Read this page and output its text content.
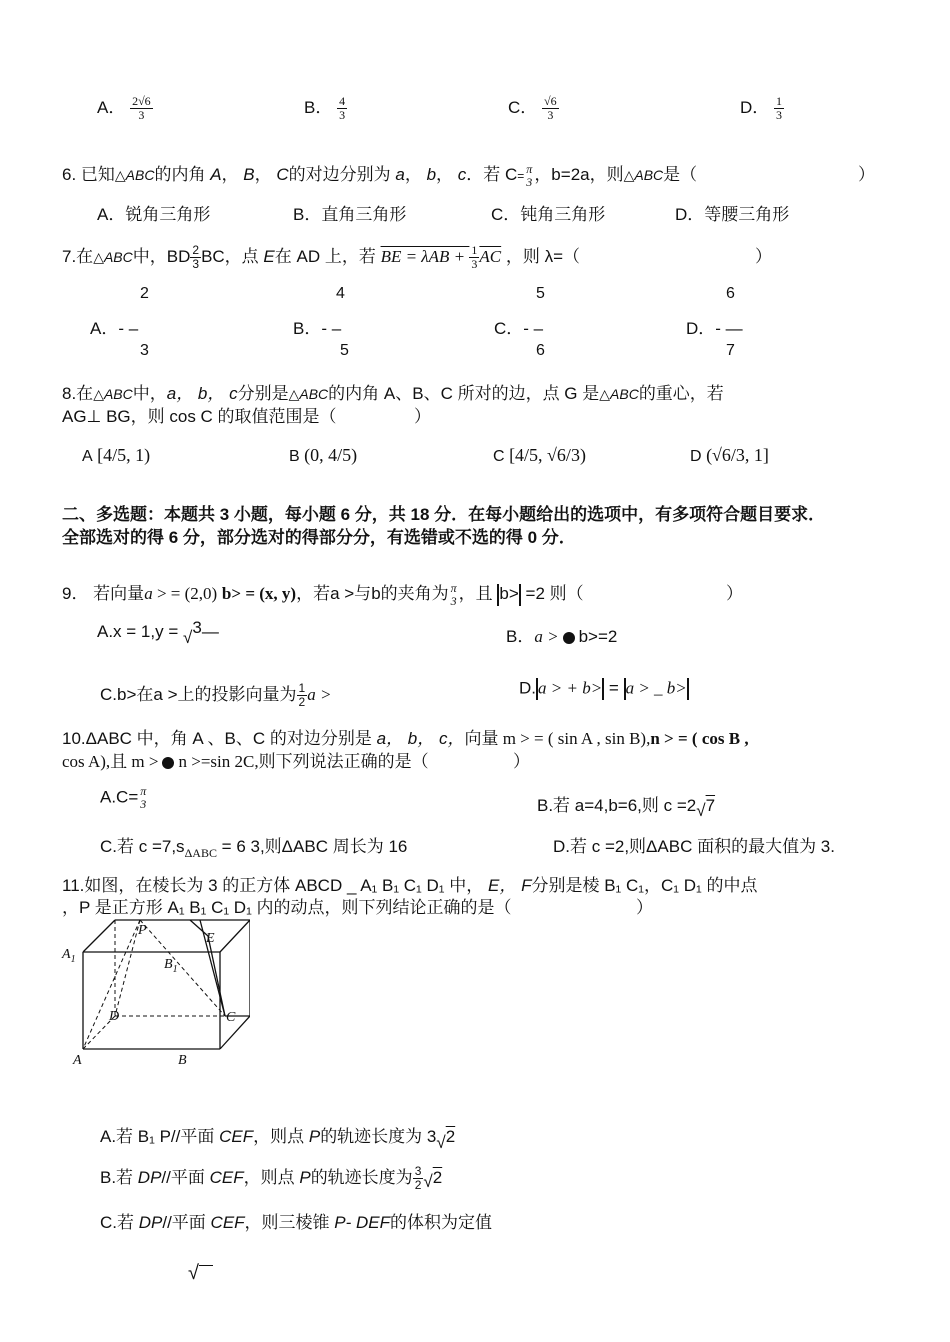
A． $\frac{2√6}{3}$	B． $\frac{4}{3}$	C． $\frac{√6}{3}$	D． $\frac{1}{3}$
6. 已知△ABC的内角 A， B， C的对边分别为 a， b， c．若 C=
π
3 ，b=2a，则△ABC是（	）
A．锐角三角形	B．直角三角形	C．钝角三角形	D．等腰三角形
7.在△ABC中，BD $\frac{2}{3}$ BC，点 E在 AD 上，若 BE = $\lambda AB + \frac{1}{3} \overline{AC}$ ，则 λ=（	）
2
A．- –
3
4
B．- –
5
5
C．- –
6
6
D．- —
7
8.在△ABC中，a， b， c分别是△ABC的内角 A、B、C 所对的边，点 G 是△ABC的重心，若
AG⊥ BG，则 cos C 的取值范围是（	）
A [4/5, 1)	B (0, 4/5)	C [4/5, √6/3)	D (√6/3, 1]
二、多选题：本题共 3 小题，每小题 6 分，共 18 分．在每小题给出的选项中，有多项符合题目要求．
全部选对的得 6 分，部分选对的得部分分，有选错或不选的得 0 分．
9． 若向量a > = (2,0) b> = (x, y)，若a >与b的夹角为 π
3 ，且 b> =2 则（	）
A.x = 1,y = √3—	B．a > b>=2
C.b>在a >上的投影向量为 $\frac{1}{2}$ a >	D. a > + b> = a > _ b>
10.ΔABC 中，角 A 、B、C 的对边分别是 a， b， c，向量 m > = ( sin A , sin B),n > = ( cos B ,
cos A),且 m > n >=sin 2C,则下列说法正确的是（	）
A.C= π
3	B.若 a=4,b=6,则 c =2√7
C.若 $c =7,s_{\Delta ABC} = 6$ 3,则ΔABC 周长为 16	D.若 c =2,则ΔABC 面积的最大值为 3.
11.如图，在棱长为 3 的正方体 ABCD _ A₁ B₁ C₁ D₁ 中， E， F分别是棱 B₁ C₁，C₁ D₁ 的中点
，P 是正方形 A₁ B₁ C₁ D₁ 内的动点，则下列结论正确的是（	）
$A_1$	$B_1$
P
E
D	C
A	B
A.若 B₁ P//平面 CEF，则点 P的轨迹长度为 3√2
B.若 DP//平面 CEF，则点 P的轨迹长度为 $\frac{3}{2} √2$
C.若 DP//平面 CEF，则三棱锥 P- DEF的体积为定值
√
